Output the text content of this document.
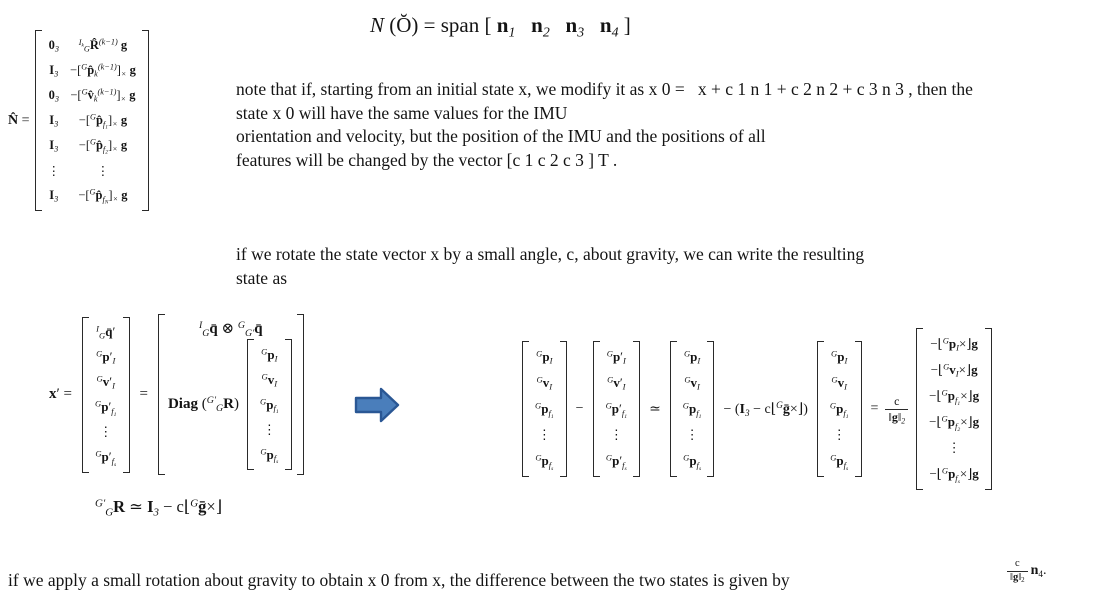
N̂ =
$0_3$	$^{I_k}_G$R̂$^{(k-1)}$ g
$I_3$	$-[^Gp̂_k^{(k-1)}]_\times$ g
$0_3$	$-[^Gv̂_k^{(k-1)}]_\times$ g
$I_3$	$-[^Gp̂_{f_1}]_\times$ g
$I_3$	$-[^Gp̂_{f_2}]_\times$ g
⋮	⋮
$I_3$	$-[^Gp̂_{f_N}]_\times$ g
N (Ŏ) = span [ $n_1$ $n_2$ $n_3$ $n_4$ ]
note that if, starting from an initial state x, we modify it as x 0 =   x + c 1 n 1 + c 2 n 2 + c 3 n 3 , then the
state x 0 will have the same values for the IMU
orientation and velocity, but the position of the IMU and the positions of all
features will be changed by the vector [c 1 c 2 c 3 ] T .
if we rotate the state vector x by a small angle, c, about gravity, we can write the resulting
state as
x′ =
$^I_G$q̄′
$^Gp'_I$
$^Gv'_I$
$^Gp'_{f_1}$
⋮
$^Gp'_{f_s}$
=
$^I_G$q̄ ⊗ $^G_{G'}$q̄
Diag ($^{G'}_G$R)
$^Gp_I$
$^Gv_I$
$^Gp_{f_1}$
⋮
$^Gp_{f_s}$
$^{G'}_G$R ≃ $I_3$ − c⌊$^G$ḡ×⌋
$^Gp_I$
$^Gv_I$
$^Gp_{f_1}$
⋮
$^Gp_{f_s}$
−
$^Gp'_I$
$^Gv'_I$
$^Gp'_{f_1}$
⋮
$^Gp'_{f_s}$
≃
$^Gp_I$
$^Gv_I$
$^Gp_{f_1}$
⋮
$^Gp_{f_s}$
− ($I_3$ − c⌊$^G$ḡ×⌋)
$^Gp_I$
$^Gv_I$
$^Gp_{f_1}$
⋮
$^Gp_{f_s}$
= $\frac{c}{‖g‖_2}$
$-⌊^Gp_I\times⌋g$
$-⌊^Gv_I\times⌋g$
$-⌊^Gp_{f_1}\times⌋g$
$-⌊^Gp_{f_2}\times⌋g$
⋮
$-⌊^Gp_{f_s}\times⌋g$
if we apply a small rotation about gravity to obtain x 0 from x, the difference between the two states is given by	$\frac{c}{‖g‖_2} n_4$.
